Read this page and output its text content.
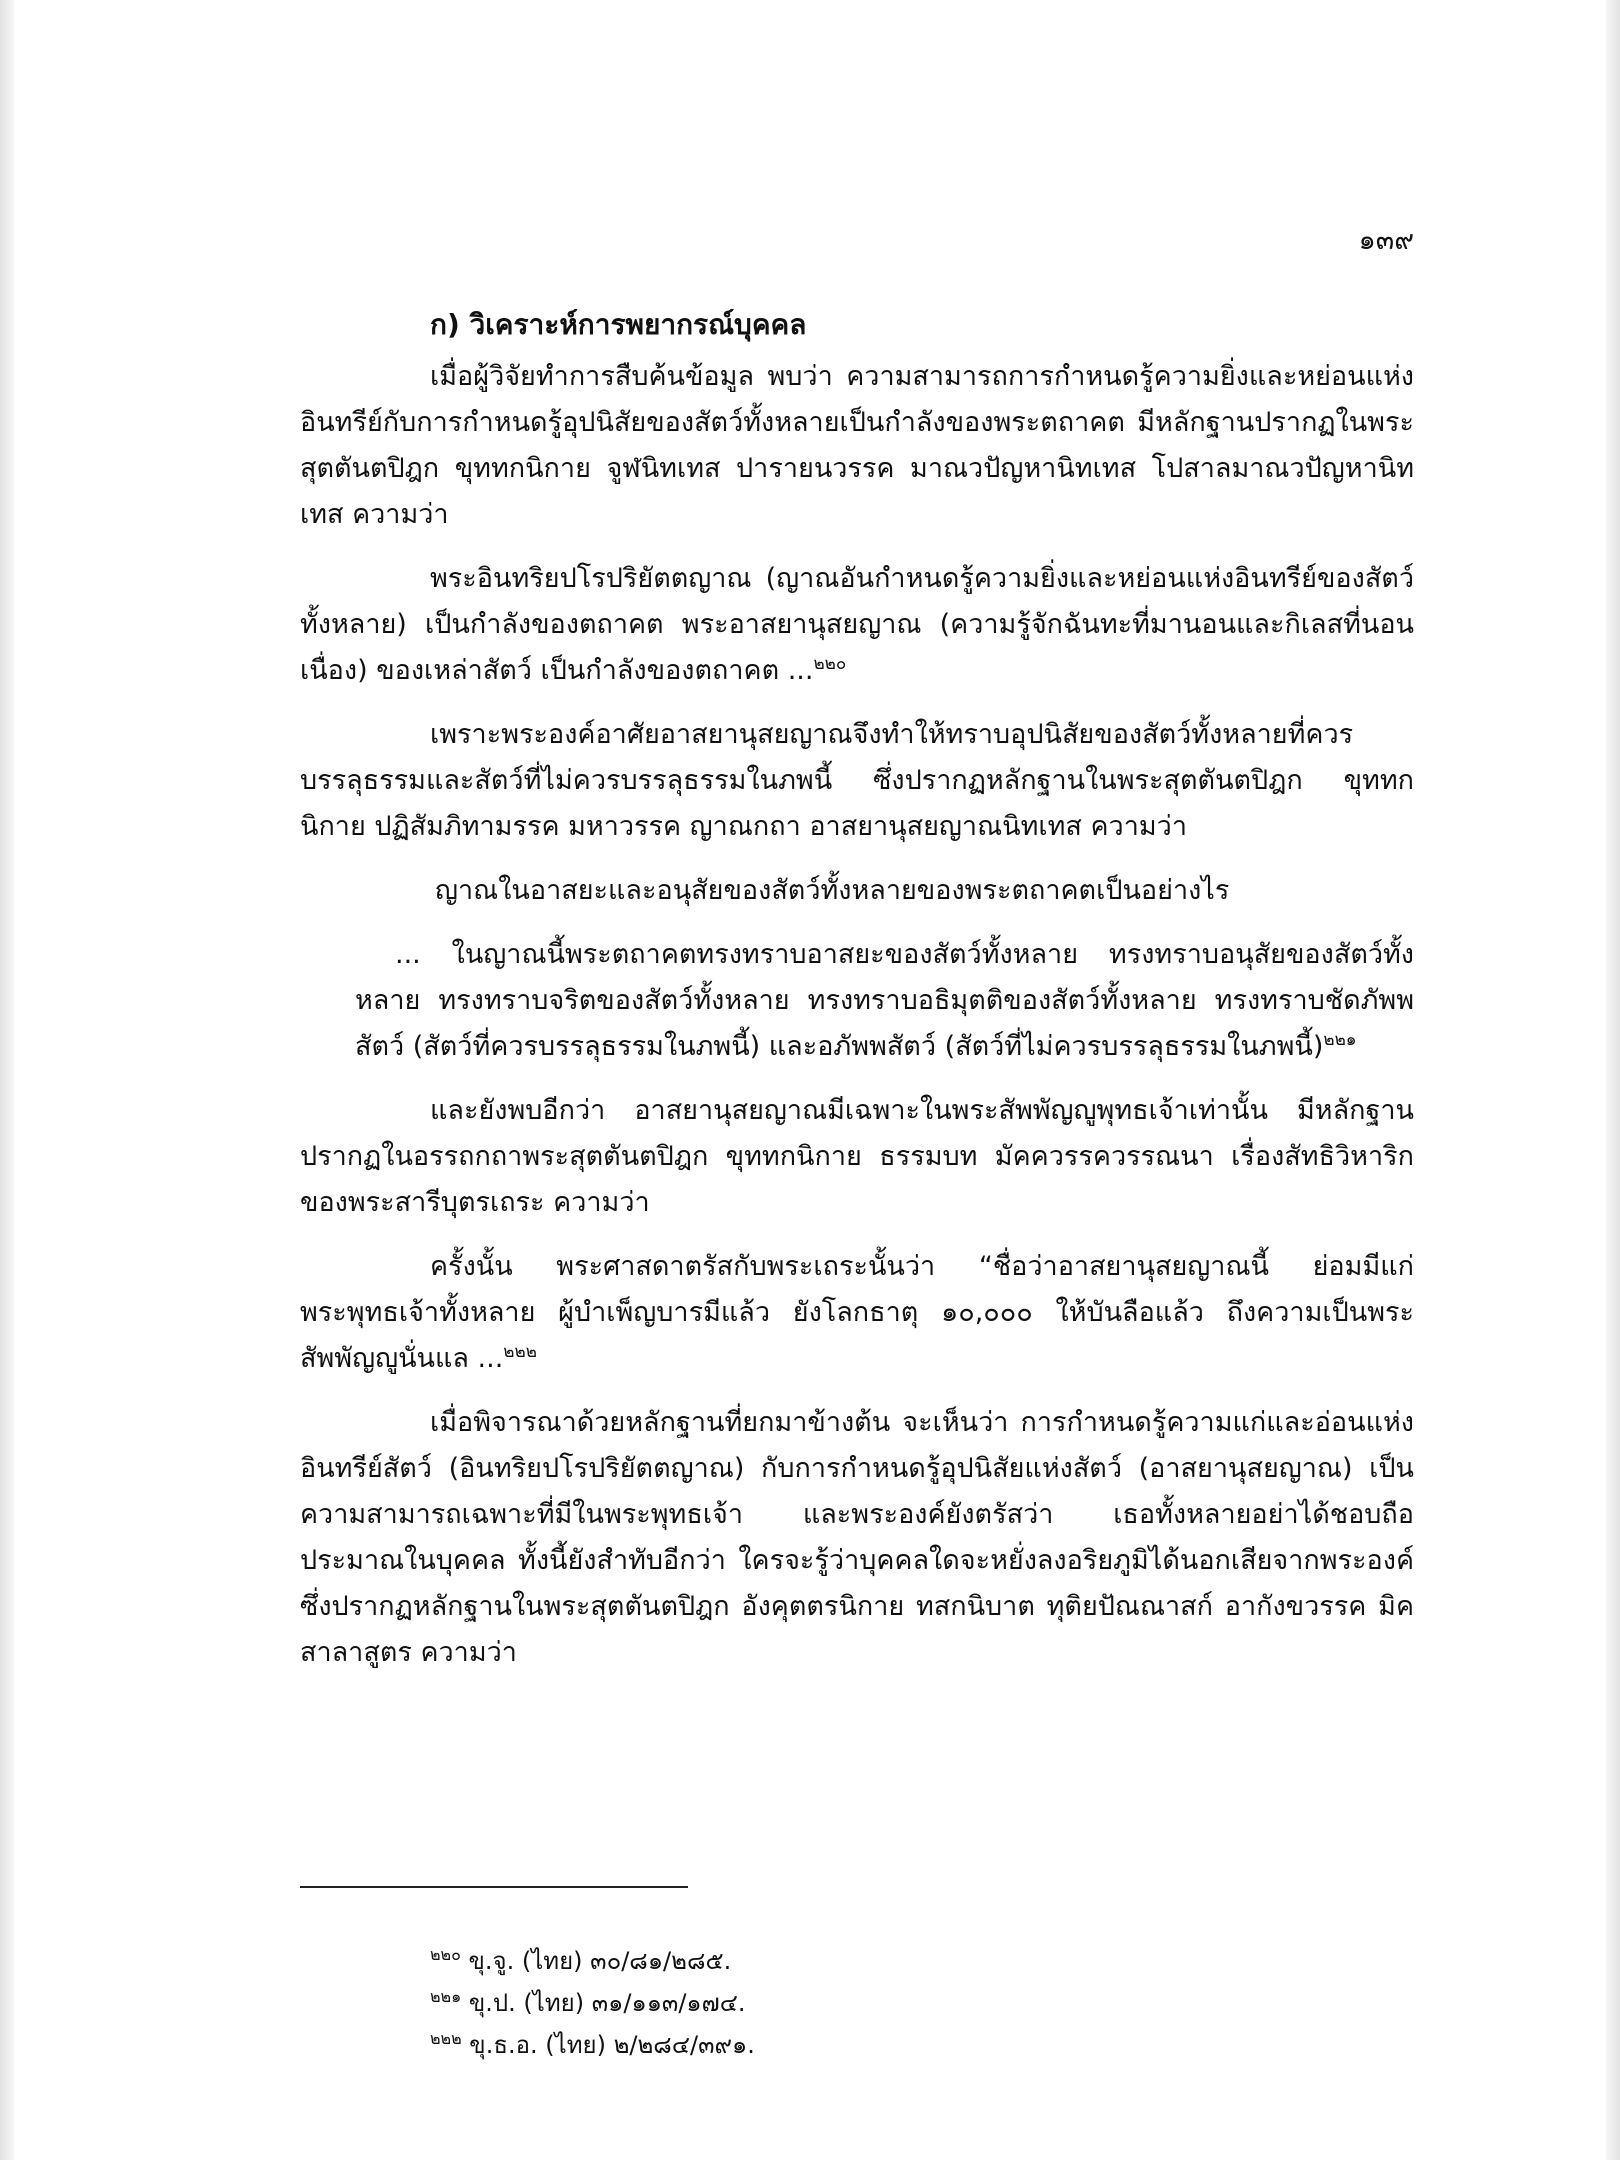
๑๓๙
ก) วิเคราะห์การพยากรณ์บุคคล

เมื่อผู้วิจัยทำการสืบค้นข้อมูล พบว่า ความสามารถการกำหนดรู้ความยิ่งและหย่อนแห่งอินทรีย์กับการกำหนดรู้อุปนิสัยของสัตว์ทั้งหลายเป็นกำลังของพระตถาคต มีหลักฐานปรากฏในพระสุตตันตปิฎก ขุททกนิกาย จูฬนิทเทส ปารายนวรรค มาณวปัญหานิทเทส โปสาลมาณวปัญหานิทเทส ความว่า

พระอินทริยปโรปริยัตตญาณ (ญาณอันกำหนดรู้ความยิ่งและหย่อนแห่งอินทรีย์ของสัตว์ทั้งหลาย) เป็นกำลังของตถาคต พระอาสยานุสยญาณ (ความรู้จักฉันทะที่มานอนและกิเลสที่นอนเนื่อง) ของเหล่าสัตว์ เป็นกำลังของตถาคต ...$^{๒๒๐}$

เพราะพระองค์อาศัยอาสยานุสยญาณจึงทำให้ทราบอุปนิสัยของสัตว์ทั้งหลายที่ควรบรรลุธรรมและสัตว์ที่ไม่ควรบรรลุธรรมในภพนี้ ซึ่งปรากฏหลักฐานในพระสุตตันตปิฎก ขุททกนิกาย ปฏิสัมภิทามรรค มหาวรรค ญาณกถา อาสยานุสยญาณนิทเทส ความว่า

ญาณในอาสยะและอนุสัยของสัตว์ทั้งหลายของพระตถาคตเป็นอย่างไร

... ในญาณนี้พระตถาคตทรงทราบอาสยะของสัตว์ทั้งหลาย ทรงทราบอนุสัยของสัตว์ทั้งหลาย ทรงทราบจริตของสัตว์ทั้งหลาย ทรงทราบอธิมุตติของสัตว์ทั้งหลาย ทรงทราบชัดภัพพสัตว์ (สัตว์ที่ควรบรรลุธรรมในภพนี้) และอภัพพสัตว์ (สัตว์ที่ไม่ควรบรรลุธรรมในภพนี้)$^{๒๒๑}$

และยังพบอีกว่า อาสยานุสยญาณมีเฉพาะในพระสัพพัญญูพุทธเจ้าเท่านั้น มีหลักฐานปรากฏในอรรถกถาพระสุตตันตปิฎก ขุททกนิกาย ธรรมบท มัคควรรควรรณนา เรื่องสัทธิวิหาริกของพระสารีบุตรเถระ ความว่า

ครั้งนั้น พระศาสดาตรัสกับพระเถระนั้นว่า “ชื่อว่าอาสยานุสยญาณนี้ ย่อมมีแก่พระพุทธเจ้าทั้งหลาย ผู้บำเพ็ญบารมีแล้ว ยังโลกธาตุ ๑๐,๐๐๐ ให้บันลือแล้ว ถึงความเป็นพระสัพพัญญูนั่นแล ...$^{๒๒๒}$

เมื่อพิจารณาด้วยหลักฐานที่ยกมาข้างต้น จะเห็นว่า การกำหนดรู้ความแก่และอ่อนแห่งอินทรีย์สัตว์ (อินทริยปโรปริยัตตญาณ) กับการกำหนดรู้อุปนิสัยแห่งสัตว์ (อาสยานุสยญาณ) เป็นความสามารถเฉพาะที่มีในพระพุทธเจ้า และพระองค์ยังตรัสว่า เธอทั้งหลายอย่าได้ชอบถือประมาณในบุคคล ทั้งนี้ยังสำทับอีกว่า ใครจะรู้ว่าบุคคลใดจะหยั่งลงอริยภูมิได้นอกเสียจากพระองค์ ซึ่งปรากฏหลักฐานในพระสุตตันตปิฎก อังคุตตรนิกาย ทสกนิบาต ทุติยปัณณาสก์ อากังขวรรค มิคสาลาสูตร ความว่า

$^{๒๒๐}$ ขุ.จู. (ไทย) ๓๐/๘๑/๒๘๕.
$^{๒๒๑}$ ขุ.ป. (ไทย) ๓๑/๑๑๓/๑๗๔.
$^{๒๒๒}$ ขุ.ธ.อ. (ไทย) ๒/๒๘๔/๓๙๑.
